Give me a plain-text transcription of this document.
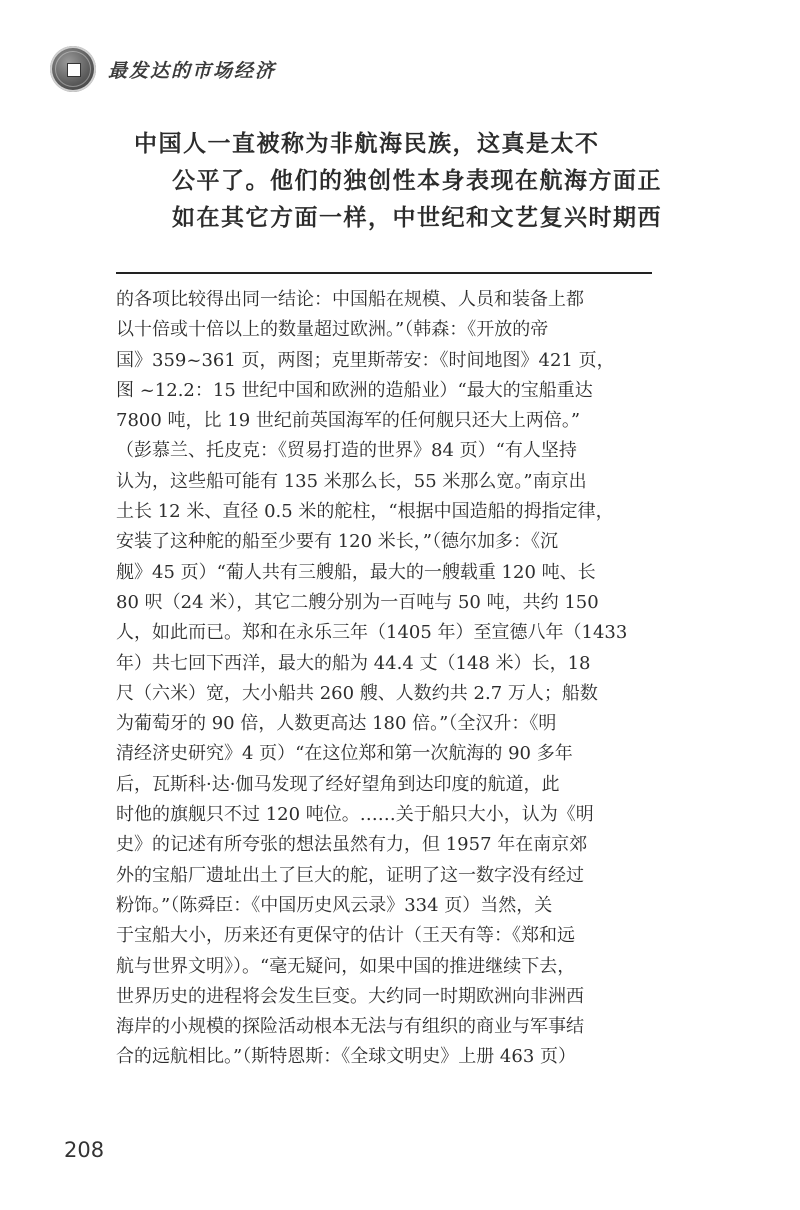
最发达的市场经济
中国人一直被称为非航海民族，这真是太不
公平了。他们的独创性本身表现在航海方面正
如在其它方面一样，中世纪和文艺复兴时期西
的各项比较得出同一结论：中国船在规模、人员和装备上都
以十倍或十倍以上的数量超过欧洲。”（韩森：《开放的帝
国》359~361 页，两图；克里斯蒂安：《时间地图》421 页，
图 ~12.2：15 世纪中国和欧洲的造船业）“最大的宝船重达
7800 吨，比 19 世纪前英国海军的任何舰只还大上两倍。”
（彭慕兰、托皮克：《贸易打造的世界》84 页）“有人坚持
认为，这些船可能有 135 米那么长，55 米那么宽。”南京出
土长 12 米、直径 0.5 米的舵柱，“根据中国造船的拇指定律，
安装了这种舵的船至少要有 120 米长，”（德尔加多：《沉
舰》45 页）“葡人共有三艘船，最大的一艘载重 120 吨、长
80 呎（24 米），其它二艘分别为一百吨与 50 吨，共约 150
人，如此而已。郑和在永乐三年（1405 年）至宣德八年（1433
年）共七回下西洋，最大的船为 44.4 丈（148 米）长，18
尺（六米）宽，大小船共 260 艘、人数约共 2.7 万人；船数
为葡萄牙的 90 倍，人数更高达 180 倍。”（全汉升：《明
清经济史研究》4 页）“在这位郑和第一次航海的 90 多年
后，瓦斯科·达·伽马发现了经好望角到达印度的航道，此
时他的旗舰只不过 120 吨位。……关于船只大小，认为《明
史》的记述有所夸张的想法虽然有力，但 1957 年在南京郊
外的宝船厂遗址出土了巨大的舵，证明了这一数字没有经过
粉饰。”（陈舜臣：《中国历史风云录》334 页）当然，关
于宝船大小，历来还有更保守的估计（王天有等：《郑和远
航与世界文明》）。“毫无疑问，如果中国的推进继续下去，
世界历史的进程将会发生巨变。大约同一时期欧洲向非洲西
海岸的小规模的探险活动根本无法与有组织的商业与军事结
合的远航相比。”（斯特恩斯：《全球文明史》上册 463 页）
208
